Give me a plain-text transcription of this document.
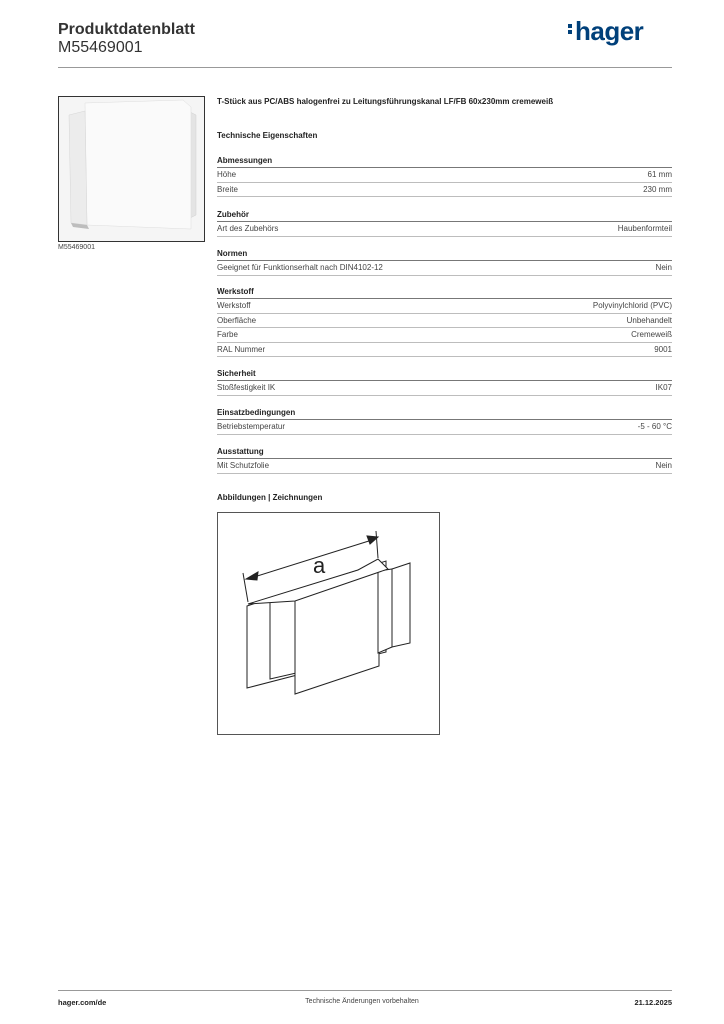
Produktdatenblatt
M55469001
hager
M55469001
T-Stück aus PC/ABS halogenfrei zu Leitungsführungskanal LF/FB 60x230mm cremeweiß
Technische Eigenschaften
Abmessungen
Höhe	61 mm
Breite	230 mm
Zubehör
Art des Zubehörs	Haubenformteil
Normen
Geeignet für Funktionserhalt nach DIN4102-12	Nein
Werkstoff
Werkstoff	Polyvinylchlorid (PVC)
Oberfläche	Unbehandelt
Farbe	Cremeweiß
RAL Nummer	9001
Sicherheit
Stoßfestigkeit IK	IK07
Einsatzbedingungen
Betriebstemperatur	-5 - 60 °C
Ausstattung
Mit Schutzfolie	Nein
Abbildungen | Zeichnungen
a
hager.com/de	Technische Änderungen vorbehalten	21.12.2025
